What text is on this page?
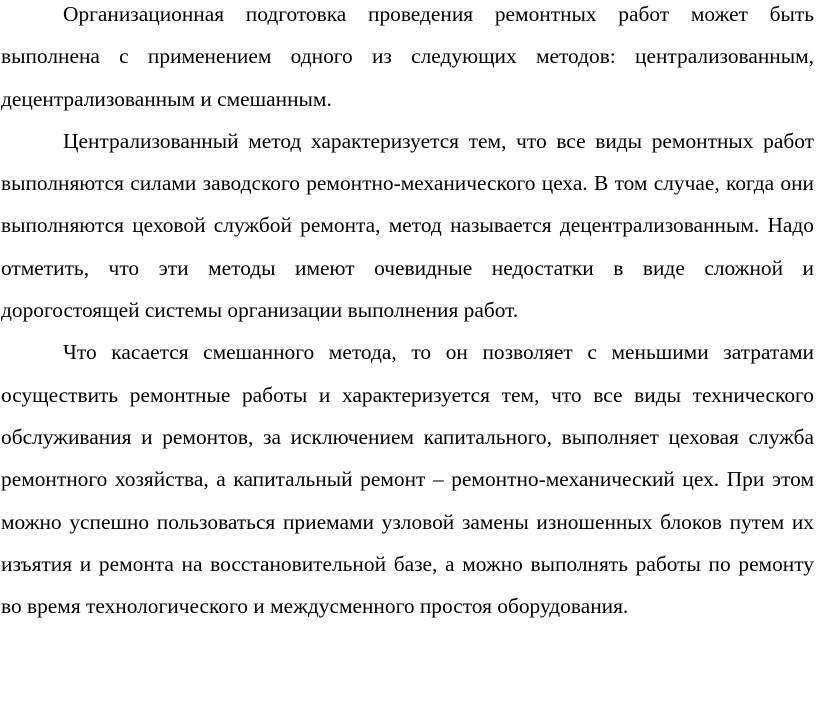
Организационная подготовка проведения ремонтных работ может быть выполнена с применением одного из следующих методов: централизованным, децентрализованным и смешанным.

Централизованный метод характеризуется тем, что все виды ремонтных работ выполняются силами заводского ремонтно-механического цеха. В том случае, когда они выполняются цеховой службой ремонта, метод называется децентрализованным. Надо отметить, что эти методы имеют очевидные недостатки в виде сложной и дорогостоящей системы организации выполнения работ.

Что касается смешанного метода, то он позволяет с меньшими затратами осуществить ремонтные работы и характеризуется тем, что все виды технического обслуживания и ремонтов, за исключением капитального, выполняет цеховая служба ремонтного хозяйства, а капитальный ремонт – ремонтно-механический цех. При этом можно успешно пользоваться приемами узловой замены изношенных блоков путем их изъятия и ремонта на восстановительной базе, а можно выполнять работы по ремонту во время технологического и междусменного простоя оборудования.
